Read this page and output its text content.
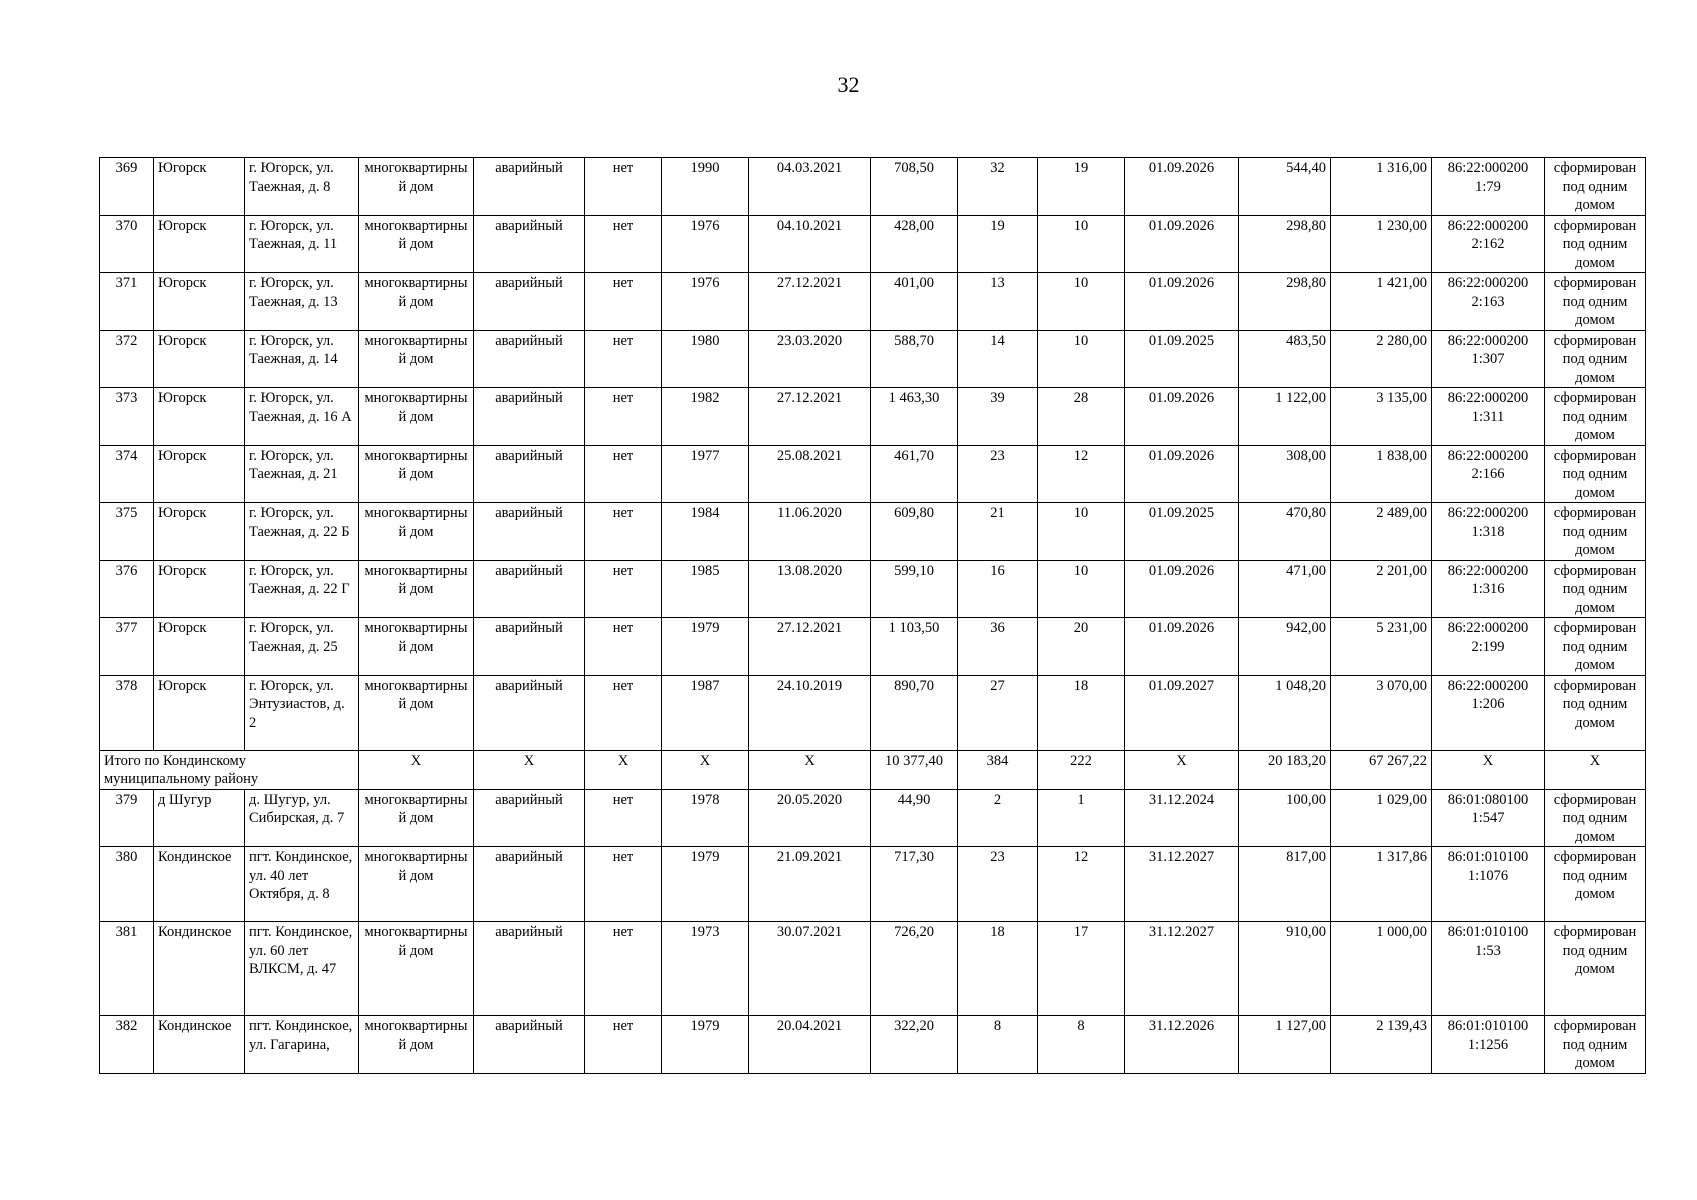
32
369	Югорск	г. Югорск, ул. Таежная, д. 8	многоквартирный дом	аварийный	нет	1990	04.03.2021	708,50	32	19	01.09.2026	544,40	1 316,00	86:22:000200 1:79	сформирован под одним домом
370	Югорск	г. Югорск, ул. Таежная, д. 11	многоквартирный дом	аварийный	нет	1976	04.10.2021	428,00	19	10	01.09.2026	298,80	1 230,00	86:22:000200 2:162	сформирован под одним домом
371	Югорск	г. Югорск, ул. Таежная, д. 13	многоквартирный дом	аварийный	нет	1976	27.12.2021	401,00	13	10	01.09.2026	298,80	1 421,00	86:22:000200 2:163	сформирован под одним домом
372	Югорск	г. Югорск, ул. Таежная, д. 14	многоквартирный дом	аварийный	нет	1980	23.03.2020	588,70	14	10	01.09.2025	483,50	2 280,00	86:22:000200 1:307	сформирован под одним домом
373	Югорск	г. Югорск, ул. Таежная, д. 16 А	многоквартирный дом	аварийный	нет	1982	27.12.2021	1 463,30	39	28	01.09.2026	1 122,00	3 135,00	86:22:000200 1:311	сформирован под одним домом
374	Югорск	г. Югорск, ул. Таежная, д. 21	многоквартирный дом	аварийный	нет	1977	25.08.2021	461,70	23	12	01.09.2026	308,00	1 838,00	86:22:000200 2:166	сформирован под одним домом
375	Югорск	г. Югорск, ул. Таежная, д. 22 Б	многоквартирный дом	аварийный	нет	1984	11.06.2020	609,80	21	10	01.09.2025	470,80	2 489,00	86:22:000200 1:318	сформирован под одним домом
376	Югорск	г. Югорск, ул. Таежная, д. 22 Г	многоквартирный дом	аварийный	нет	1985	13.08.2020	599,10	16	10	01.09.2026	471,00	2 201,00	86:22:000200 1:316	сформирован под одним домом
377	Югорск	г. Югорск, ул. Таежная, д. 25	многоквартирный дом	аварийный	нет	1979	27.12.2021	1 103,50	36	20	01.09.2026	942,00	5 231,00	86:22:000200 2:199	сформирован под одним домом
378	Югорск	г. Югорск, ул. Энтузиастов, д. 2	многоквартирный дом	аварийный	нет	1987	24.10.2019	890,70	27	18	01.09.2027	1 048,20	3 070,00	86:22:000200 1:206	сформирован под одним домом
Итого по Кондинскому муниципальному району			X	X	X	X	X	10 377,40	384	222	X	20 183,20	67 267,22	X	X
379	д Шугур	д. Шугур, ул. Сибирская, д. 7	многоквартирный дом	аварийный	нет	1978	20.05.2020	44,90	2	1	31.12.2024	100,00	1 029,00	86:01:080100 1:547	сформирован под одним домом
380	Кондинское	пгт. Кондинское, ул. 40 лет Октября, д. 8	многоквартирный дом	аварийный	нет	1979	21.09.2021	717,30	23	12	31.12.2027	817,00	1 317,86	86:01:010100 1:1076	сформирован под одним домом
381	Кондинское	пгт. Кондинское, ул. 60 лет ВЛКСМ, д. 47	многоквартирный дом	аварийный	нет	1973	30.07.2021	726,20	18	17	31.12.2027	910,00	1 000,00	86:01:010100 1:53	сформирован под одним домом
382	Кондинское	пгт. Кондинское, ул. Гагарина,	многоквартирный дом	аварийный	нет	1979	20.04.2021	322,20	8	8	31.12.2026	1 127,00	2 139,43	86:01:010100 1:1256	сформирован под одним домом
